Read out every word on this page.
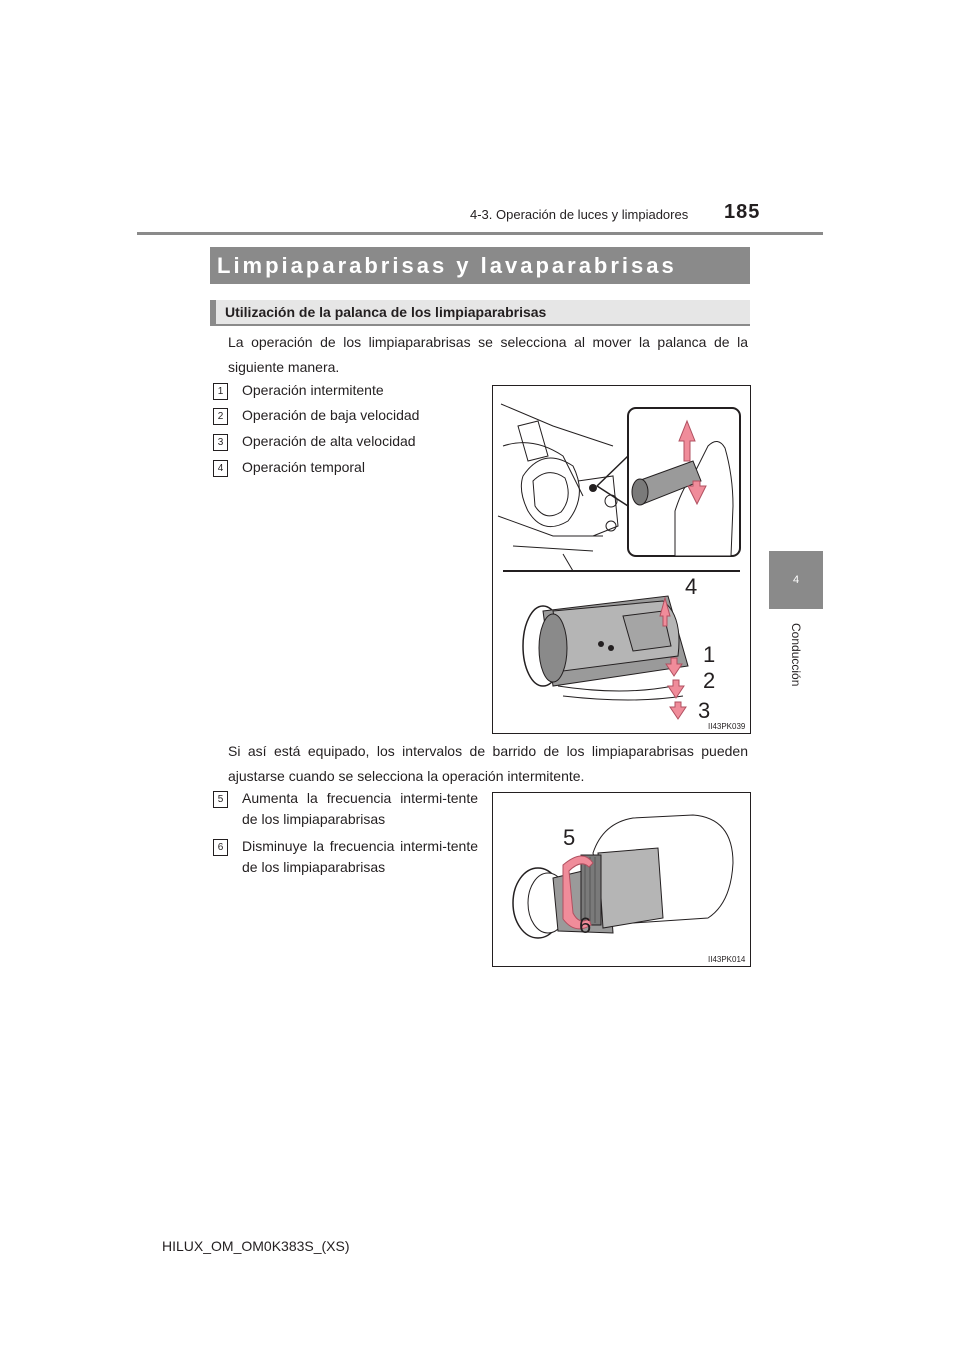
4-3. Operación de luces y limpiadores 185
4
Conducción
Limpiaparabrisas y lavaparabrisas
Utilización de la palanca de los limpiaparabrisas
La operación de los limpiaparabrisas se selecciona al mover la palanca de la siguiente manera.
1	Operación intermitente
2	Operación de baja velocidad
3	Operación de alta velocidad
4	Operación temporal
4
1
2
3
II43PK039
Si así está equipado, los intervalos de barrido de los limpiaparabrisas pueden ajustarse cuando se selecciona la operación intermitente.
5	Aumenta la frecuencia intermi-tente de los limpiaparabrisas
6	Disminuye la frecuencia intermi-tente de los limpiaparabrisas
5
6
II43PK014
HILUX_OM_OM0K383S_(XS)
